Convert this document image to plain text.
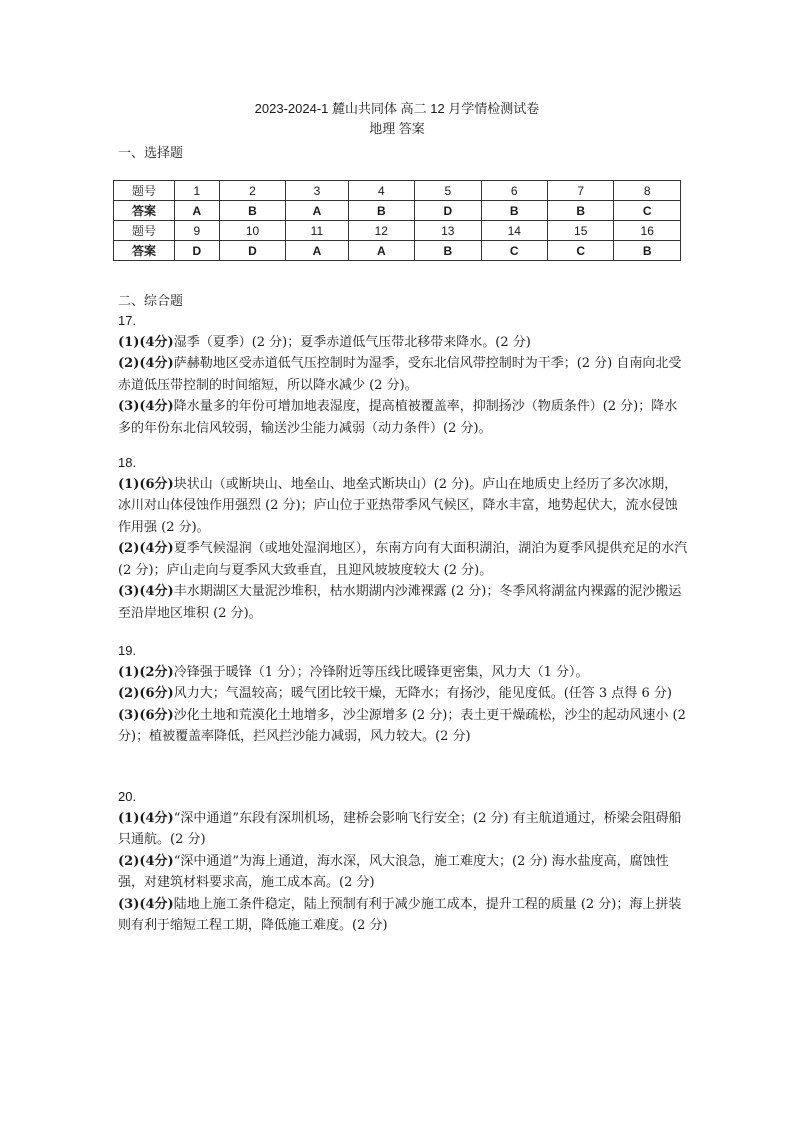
2023-2024-1 麓山共同体 高二 12 月学情检测试卷
地理 答案
一、选择题
题号	1	2	3	4	5	6	7	8
答案	A	B	A	B	D	B	B	C
题号	9	10	11	12	13	14	15	16
答案	D	D	A	A	B	C	C	B
二、综合题

17.

(1)(4分)湿季（夏季）(2 分)；夏季赤道低气压带北移带来降水。(2 分)

(2)(4分)萨赫勒地区受赤道低气压控制时为湿季，受东北信风带控制时为干季；(2 分) 自南向北受赤道低压带控制的时间缩短，所以降水减少 (2 分)。

(3)(4分)降水量多的年份可增加地表湿度，提高植被覆盖率，抑制扬沙（物质条件）(2 分)；降水多的年份东北信风较弱，输送沙尘能力减弱（动力条件）(2 分)。

18.

(1)(6分)块状山（或断块山、地垒山、地垒式断块山）(2 分)。庐山在地质史上经历了多次冰期，冰川对山体侵蚀作用强烈 (2 分)；庐山位于亚热带季风气候区，降水丰富，地势起伏大，流水侵蚀作用强 (2 分)。

(2)(4分)夏季气候湿润（或地处湿润地区），东南方向有大面积湖泊，湖泊为夏季风提供充足的水汽 (2 分)；庐山走向与夏季风大致垂直，且迎风坡坡度较大 (2 分)。

(3)(4分)丰水期湖区大量泥沙堆积，枯水期湖内沙滩裸露 (2 分)；冬季风将湖盆内裸露的泥沙搬运至沿岸地区堆积 (2 分)。

19.

(1)(2分)冷锋强于暖锋（1 分）；冷锋附近等压线比暖锋更密集，风力大（1 分）。

(2)(6分)风力大；气温较高；暖气团比较干燥，无降水；有扬沙，能见度低。(任答 3 点得 6 分)

(3)(6分)沙化土地和荒漠化土地增多，沙尘源增多 (2 分)；表土更干燥疏松，沙尘的起动风速小 (2 分)；植被覆盖率降低，拦风拦沙能力减弱，风力较大。(2 分)

20.

(1)(4分)“深中通道”东段有深圳机场，建桥会影响飞行安全；(2 分) 有主航道通过，桥梁会阻碍船只通航。(2 分)

(2)(4分)“深中通道”为海上通道，海水深，风大浪急，施工难度大；(2 分) 海水盐度高，腐蚀性强，对建筑材料要求高，施工成本高。(2 分)

(3)(4分)陆地上施工条件稳定，陆上预制有利于减少施工成本，提升工程的质量 (2 分)；海上拼装则有利于缩短工程工期，降低施工难度。(2 分)
